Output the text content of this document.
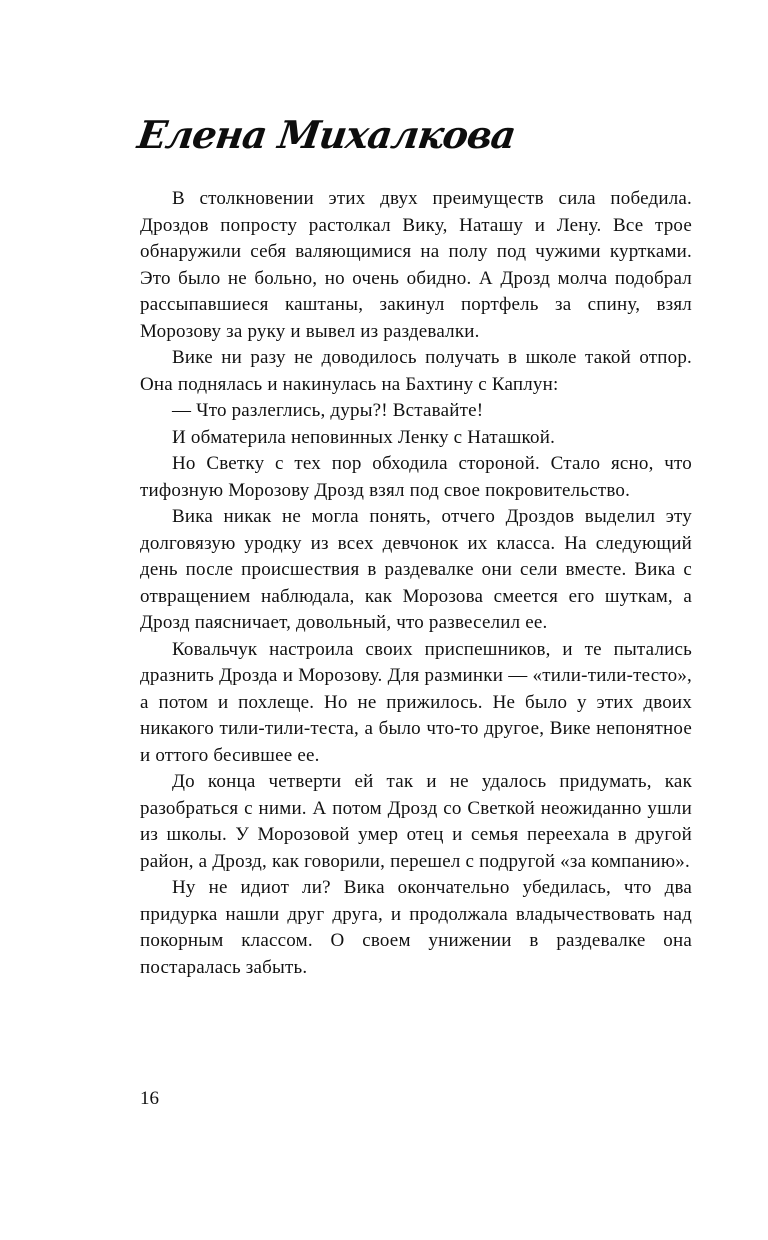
Елена Михалкова

В столкновении этих двух преимуществ сила победила. Дроздов попросту растолкал Вику, Наташу и Лену. Все трое обнаружили себя валяющимися на полу под чужими куртками. Это было не больно, но очень обидно. А Дрозд молча подобрал рассыпавшиеся каштаны, закинул портфель за спину, взял Морозову за руку и вывел из раздевалки.

Вике ни разу не доводилось получать в школе такой отпор. Она поднялась и накинулась на Бахтину с Каплун:

— Что разлеглись, дуры?! Вставайте!

И обматерила неповинных Ленку с Наташкой.

Но Светку с тех пор обходила стороной. Стало ясно, что тифозную Морозову Дрозд взял под свое покровительство.

Вика никак не могла понять, отчего Дроздов выделил эту долговязую уродку из всех девчонок их класса. На следующий день после происшествия в раздевалке они сели вместе. Вика с отвращением наблюдала, как Морозова смеется его шуткам, а Дрозд паясничает, довольный, что развеселил ее.

Ковальчук настроила своих приспешников, и те пытались дразнить Дрозда и Морозову. Для разминки — «тили-тили-тесто», а потом и похлеще. Но не прижилось. Не было у этих двоих никакого тили-тили-теста, а было что-то другое, Вике непонятное и оттого бесившее ее.

До конца четверти ей так и не удалось придумать, как разобраться с ними. А потом Дрозд со Светкой неожиданно ушли из школы. У Морозовой умер отец и семья переехала в другой район, а Дрозд, как говорили, перешел с подругой «за компанию».

Ну не идиот ли? Вика окончательно убедилась, что два придурка нашли друг друга, и продолжала владычествовать над покорным классом. О своем унижении в раздевалке она постаралась забыть.

16
